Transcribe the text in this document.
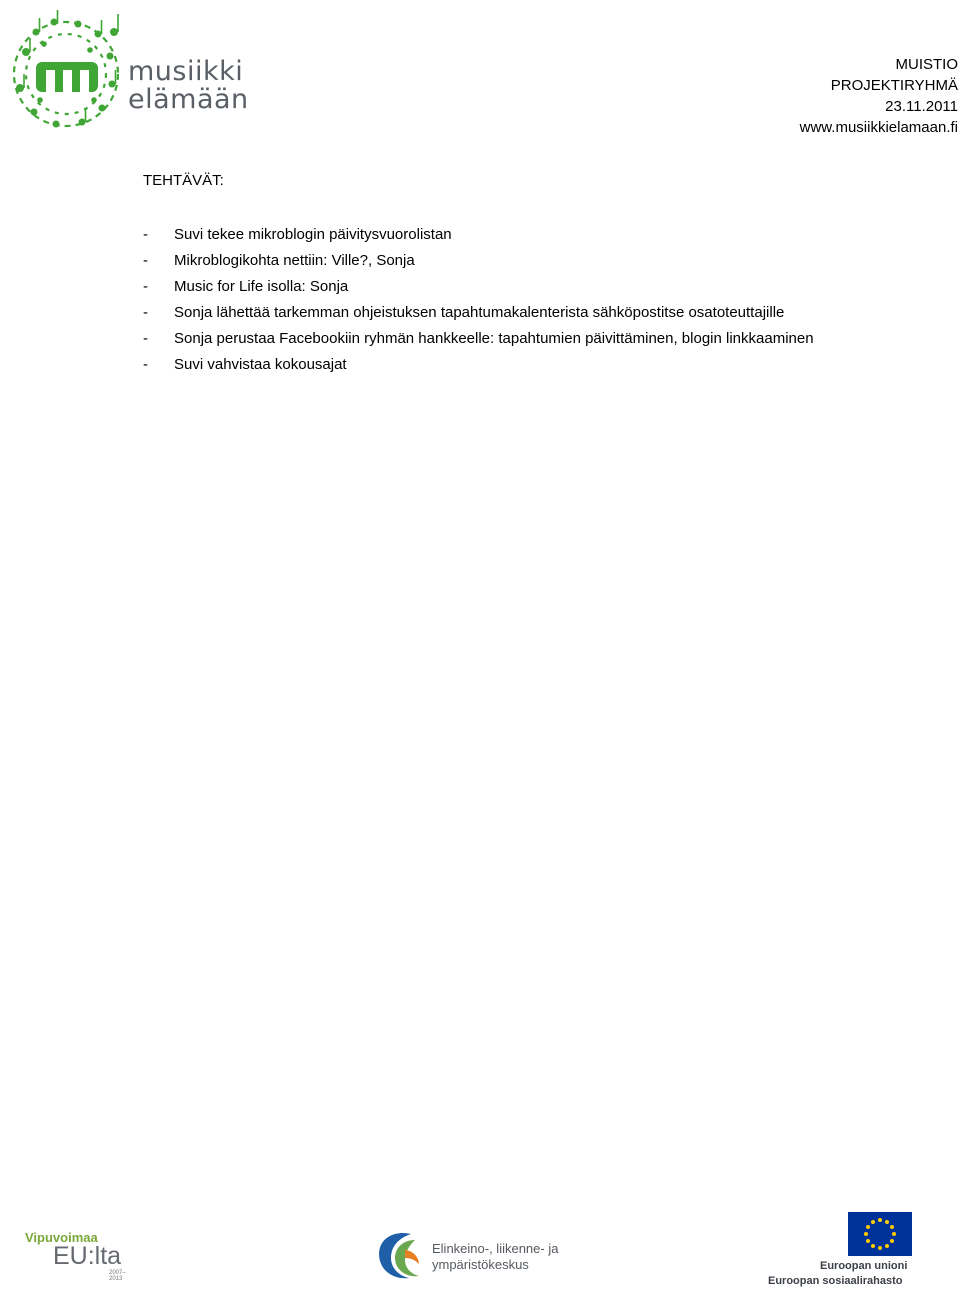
musiikki
elämään
MUISTIO
PROJEKTIRYHMÄ
23.11.2011
www.musiikkielamaan.fi
TEHTÄVÄT:
- Suvi tekee mikroblogin päivitysvuorolistan
- Mikroblogikohta nettiin: Ville?, Sonja
- Music for Life isolla: Sonja
- Sonja lähettää tarkemman ohjeistuksen tapahtumakalenterista sähköpostitse osatoteuttajille
- Sonja perustaa Facebookiin ryhmän hankkeelle: tapahtumien päivittäminen, blogin linkkaaminen
- Suvi vahvistaa kokousajat
Vipuvoimaa
EU:lta
2007–2013
Elinkeino-, liikenne- ja
ympäristökeskus	Euroopan unioni
Euroopan sosiaalirahasto
